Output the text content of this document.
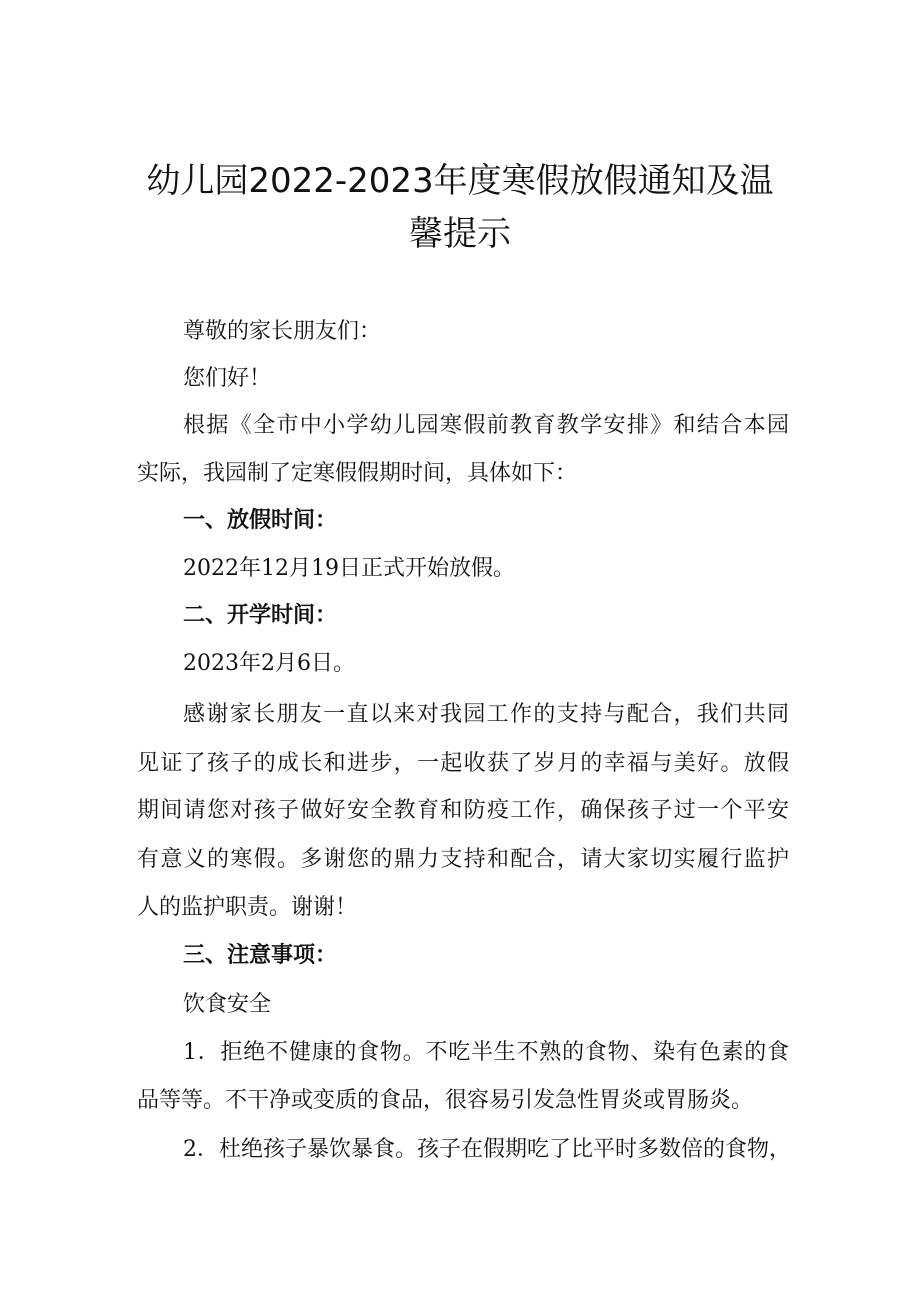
幼儿园2022-2023年度寒假放假通知及温
馨提示

尊敬的家长朋友们：

您们好！

根据《全市中小学幼儿园寒假前教育教学安排》和结合本园

实际，我园制了定寒假假期时间，具体如下：

一、放假时间：

2022年12月19日正式开始放假。

二、开学时间：

2023年2月6日。

感谢家长朋友一直以来对我园工作的支持与配合，我们共同

见证了孩子的成长和进步，一起收获了岁月的幸福与美好。放假

期间请您对孩子做好安全教育和防疫工作，确保孩子过一个平安

有意义的寒假。多谢您的鼎力支持和配合，请大家切实履行监护

人的监护职责。谢谢！

三、注意事项：

饮食安全

1．拒绝不健康的食物。不吃半生不熟的食物、染有色素的食

品等等。不干净或变质的食品，很容易引发急性胃炎或胃肠炎。

2．杜绝孩子暴饮暴食。孩子在假期吃了比平时多数倍的食物，
